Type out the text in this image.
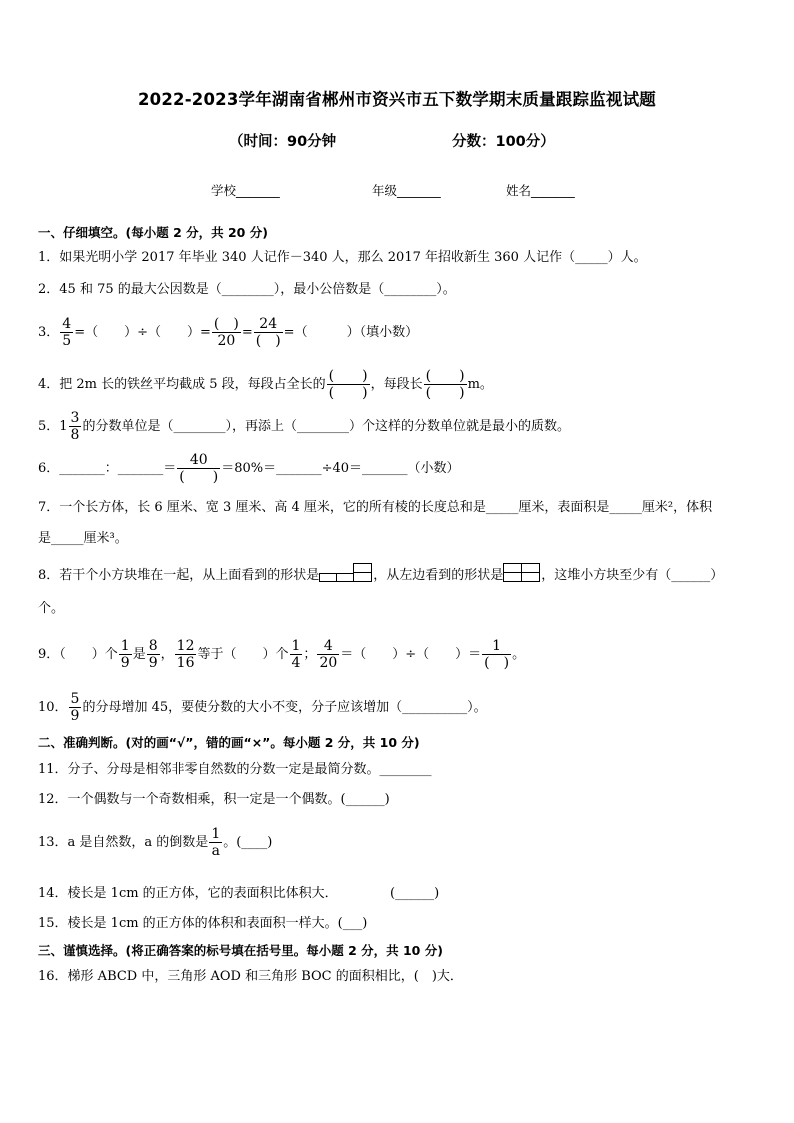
2022-2023学年湖南省郴州市资兴市五下数学期末质量跟踪监视试题
（时间：90分钟	分数：100分）
学校_______	年级_______	姓名_______
一、仔细填空。(每小题 2 分，共 20 分)
1．如果光明小学 2017 年毕业 340 人记作－340 人，那么 2017 年招收新生 360 人记作（_____）人。
2．45 和 75 的最大公因数是（________），最小公倍数是（________）。
3． $\frac{4}{5}$ =（　　）÷（　　）= $\frac{( )}{20} = \frac{24}{( )}$ =（　　　）（填小数）
4．把 2m 长的铁丝平均截成 5 段，每段占全长的 $\frac{( )}{( )}$ ，每段长 $\frac{( )}{( )}$ m。
5．$1 \frac{3}{8}$ 的分数单位是（________），再添上（________）个这样的分数单位就是最小的质数。
6．_______：_______＝ $\frac{40}{( )}$ ＝80%＝_______÷40＝_______（小数）
7．一个长方体，长 6 厘米、宽 3 厘米、高 4 厘米，它的所有棱的长度总和是_____厘米，表面积是_____厘米²，体积
是_____厘米³。
8．若干个小方块堆在一起，从上面看到的形状是	，从左边看到的形状是	，这堆小方块至少有（______）
个。
9．（　　）个 $\frac{1}{9}$ 是 $\frac{8}{9}$ ， $\frac{12}{16}$ 等于（　　）个 $\frac{1}{4}$ ； $\frac{4}{20}$ ＝（　　）÷（　　）＝ $\frac{1}{( )}$ 。
10． $\frac{5}{9}$ 的分母增加 45，要使分数的大小不变，分子应该增加（__________）。
二、准确判断。(对的画“√”，错的画“×”。每小题 2 分，共 10 分)
11．分子、分母是相邻非零自然数的分数一定是最简分数。________
12．一个偶数与一个奇数相乘，积一定是一个偶数。(______)
13．a 是自然数，a 的倒数是 $\frac{1}{a}$ 。(____)
14．棱长是 1cm 的正方体，它的表面积比体积大．	(______)
15．棱长是 1cm 的正方体的体积和表面积一样大。(___)
三、谨慎选择。(将正确答案的标号填在括号里。每小题 2 分，共 10 分)
16．梯形 ABCD 中，三角形 AOD 和三角形 BOC 的面积相比，(　)大．
